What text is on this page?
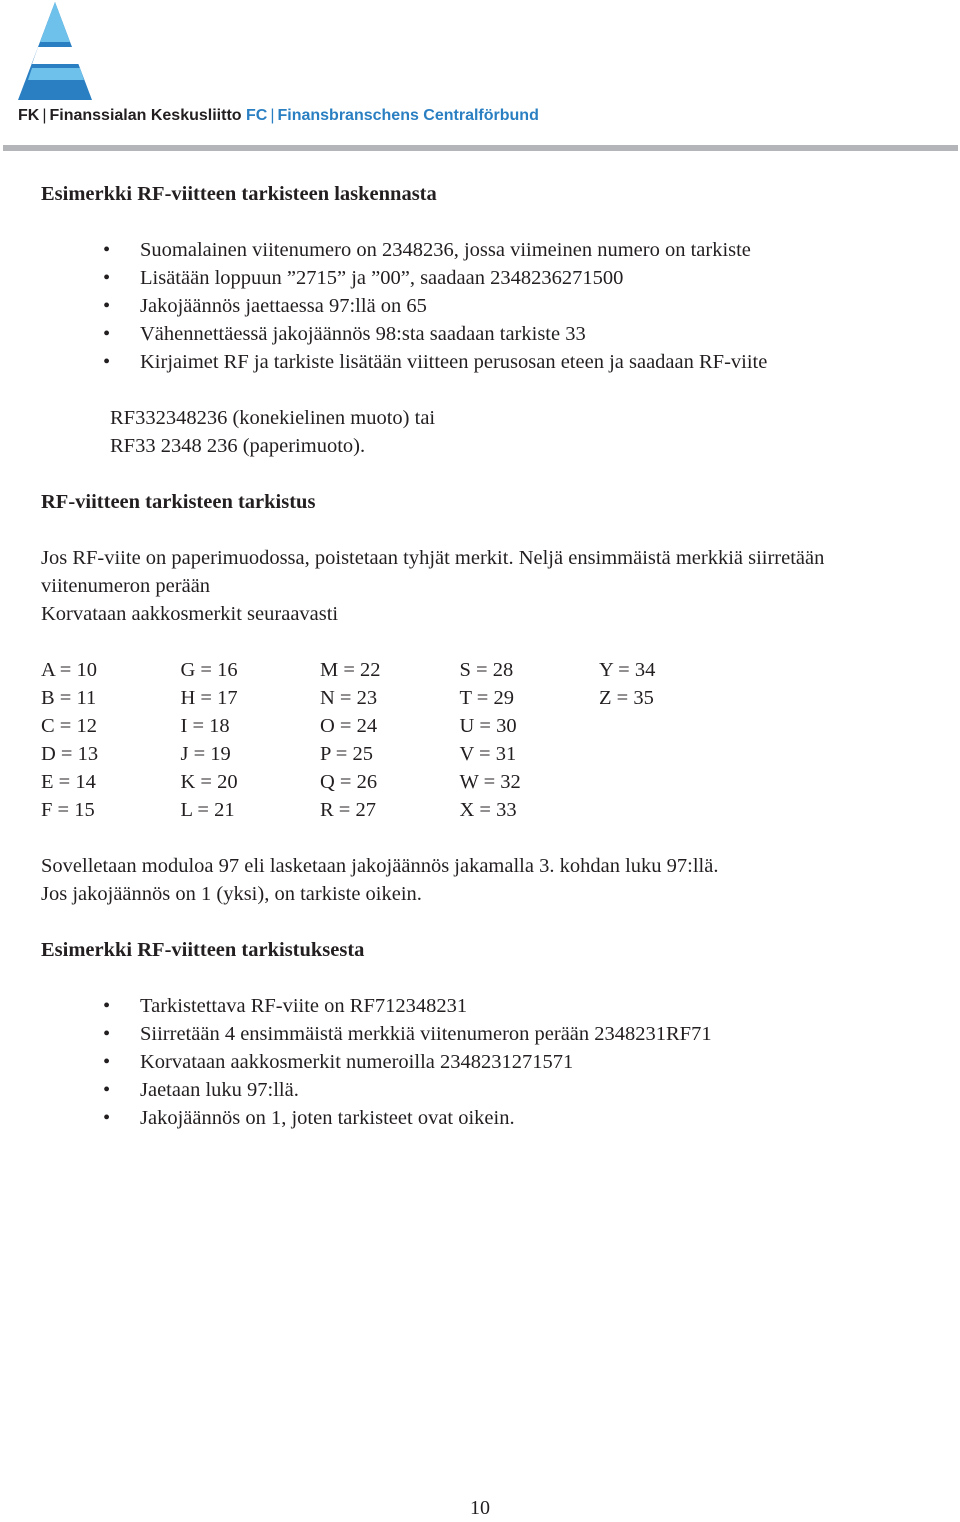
FK | Finanssialan Keskusliitto FC | Finansbranschens Centralförbund
Esimerkki RF-viitteen tarkisteen laskennasta
• Suomalainen viitenumero on 2348236, jossa viimeinen numero on tarkiste
• Lisätään loppuun ”2715” ja ”00”, saadaan 2348236271500
• Jakojäännös jaettaessa 97:llä on 65
• Vähennettäessä jakojäännös 98:sta saadaan tarkiste 33
• Kirjaimet RF ja tarkiste lisätään viitteen perusosan eteen ja saadaan RF-viite
RF332348236 (konekielinen muoto) tai
RF33 2348 236 (paperimuoto).
RF-viitteen tarkisteen tarkistus

Jos RF-viite on paperimuodossa, poistetaan tyhjät merkit. Neljä ensimmäistä merkkiä siirretään

viitenumeron perään

Korvataan aakkosmerkit seuraavasti

A = 10	G = 16	M = 22	S = 28	Y = 34
B = 11	H = 17	N = 23	T = 29	Z = 35
C = 12	I = 18	O = 24	U = 30	
D = 13	J = 19	P = 25	V = 31	
E = 14	K = 20	Q = 26	W = 32	
F = 15	L = 21	R = 27	X = 33	

Sovelletaan moduloa 97 eli lasketaan jakojäännös jakamalla 3. kohdan luku 97:llä.

Jos jakojäännös on 1 (yksi), on tarkiste oikein.

Esimerkki RF-viitteen tarkistuksesta
• Tarkistettava RF-viite on RF712348231
• Siirretään 4 ensimmäistä merkkiä viitenumeron perään 2348231RF71
• Korvataan aakkosmerkit numeroilla 2348231271571
• Jaetaan luku 97:llä.
• Jakojäännös on 1, joten tarkisteet ovat oikein.
10
